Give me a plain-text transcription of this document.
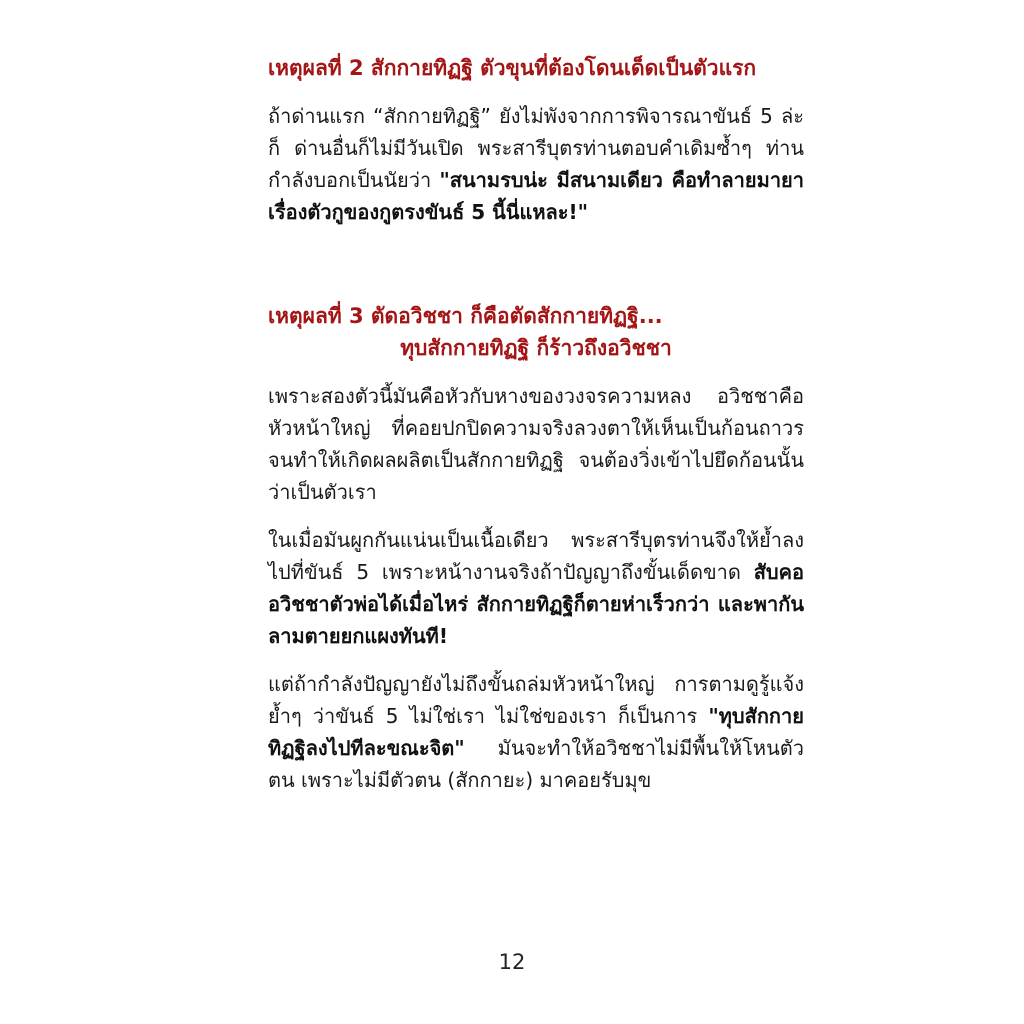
เหตุผลที่ 2 สักกายทิฏฐิ ตัวขุนที่ต้องโดนเด็ดเป็นตัวแรก

ถ้าด่านแรก “สักกายทิฏฐิ” ยังไม่พังจากการพิจารณาขันธ์ 5 ล่ะก็ ด่านอื่นก็ไม่มีวันเปิด พระสารีบุตรท่านตอบคำเดิมซ้ำๆ ท่านกำลังบอกเป็นนัยว่า "สนามรบน่ะ มีสนามเดียว คือทำลายมายาเรื่องตัวกูของกูตรงขันธ์ 5 นี้นี่แหละ!"

เหตุผลที่ 3 ตัดอวิชชา ก็คือตัดสักกายทิฏฐิ...
ทุบสักกายทิฏฐิ ก็ร้าวถึงอวิชชา

เพราะสองตัวนี้มันคือหัวกับหางของวงจรความหลง อวิชชาคือหัวหน้าใหญ่ ที่คอยปกปิดความจริงลวงตาให้เห็นเป็นก้อนถาวร จนทำให้เกิดผลผลิตเป็นสักกายทิฏฐิ จนต้องวิ่งเข้าไปยึดก้อนนั้นว่าเป็นตัวเรา

ในเมื่อมันผูกกันแน่นเป็นเนื้อเดียว พระสารีบุตรท่านจึงให้ย้ำลงไปที่ขันธ์ 5 เพราะหน้างานจริงถ้าปัญญาถึงขั้นเด็ดขาด สับคออวิชชาตัวพ่อได้เมื่อไหร่ สักกายทิฏฐิก็ตายห่าเร็วกว่า และพากันลามตายยกแผงทันที!

แต่ถ้ากำลังปัญญายังไม่ถึงขั้นถล่มหัวหน้าใหญ่ การตามดูรู้แจ้งย้ำๆ ว่าขันธ์ 5 ไม่ใช่เรา ไม่ใช่ของเรา ก็เป็นการ "ทุบสักกายทิฏฐิลงไปทีละขณะจิต" มันจะทำให้อวิชชาไม่มีพื้นให้โหนตัวตน เพราะไม่มีตัวตน (สักกายะ) มาคอยรับมุข

12
